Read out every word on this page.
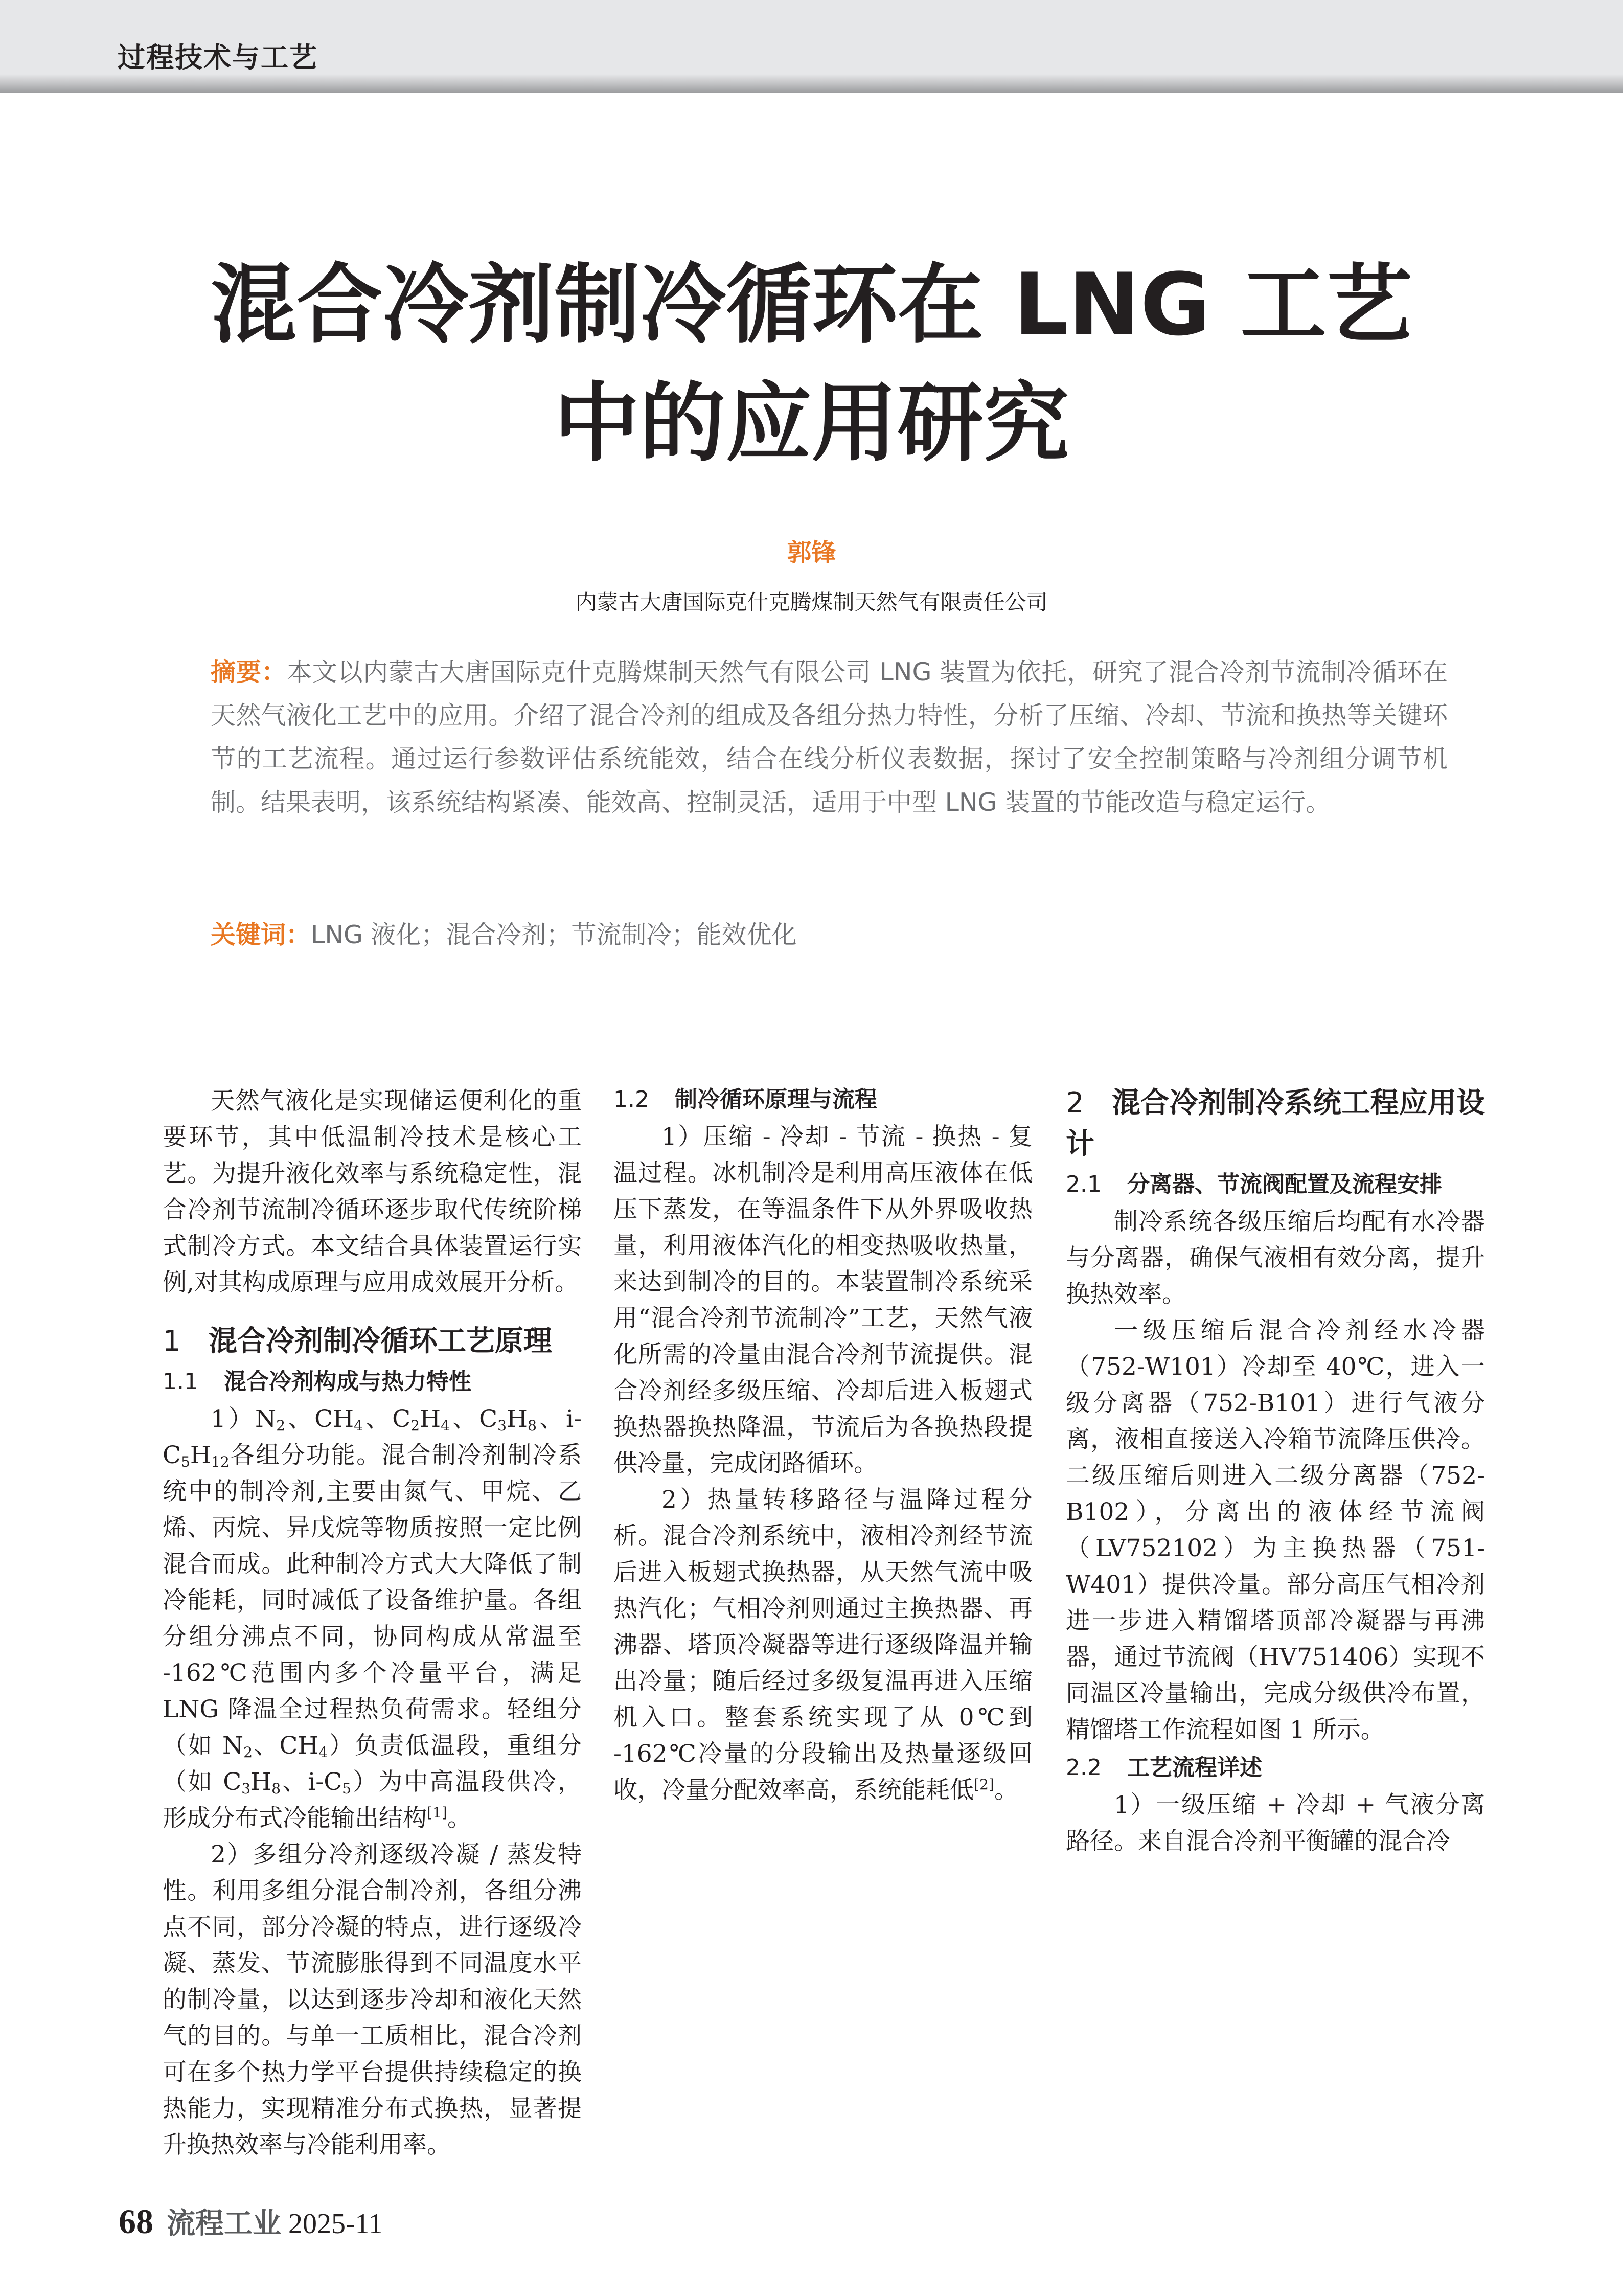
过程技术与工艺
混合冷剂制冷循环在 LNG 工艺
中的应用研究
郭锋
内蒙古大唐国际克什克腾煤制天然气有限责任公司
摘要：本文以内蒙古大唐国际克什克腾煤制天然气有限公司 LNG 装置为依托，研究了混合冷剂节流制冷循环在天然气液化工艺中的应用。介绍了混合冷剂的组成及各组分热力特性，分析了压缩、冷却、节流和换热等关键环节的工艺流程。通过运行参数评估系统能效，结合在线分析仪表数据，探讨了安全控制策略与冷剂组分调节机制。结果表明，该系统结构紧凑、能效高、控制灵活，适用于中型 LNG 装置的节能改造与稳定运行。
关键词：LNG 液化；混合冷剂；节流制冷；能效优化

天然气液化是实现储运便利化的重要环节，其中低温制冷技术是核心工艺。为提升液化效率与系统稳定性，混合冷剂节流制冷循环逐步取代传统阶梯式制冷方式。本文结合具体装置运行实例,对其构成原理与应用成效展开分析。

1 混合冷剂制冷循环工艺原理
1.1 混合冷剂构成与热力特性

$1)N_2$、$CH_4$、$C_2H_4$、$C_3H_8$、$i-C_5H_{12}$各组分功能。混合制冷剂制冷系统中的制冷剂,主要由氮气、甲烷、乙烯、丙烷、异戊烷等物质按照一定比例混合而成。此种制冷方式大大降低了制冷能耗，同时减低了设备维护量。各组分组分沸点不同，协同构成从常温至 -162℃范围内多个冷量平台，满足 LNG 降温全过程热负荷需求。轻组分（如 $N_2$、$CH_4$）负责低温段，重组分（如 $C_3H_8$、$i-C_5$）为中高温段供冷，形成分布式冷能输出结构[1]。

2）多组分冷剂逐级冷凝 / 蒸发特性。利用多组分混合制冷剂，各组分沸点不同，部分冷凝的特点，进行逐级冷凝、蒸发、节流膨胀得到不同温度水平的制冷量，以达到逐步冷却和液化天然气的目的。与单一工质相比，混合冷剂可在多个热力学平台提供持续稳定的换热能力，实现精准分布式换热，显著提升换热效率与冷能利用率。

1.2 制冷循环原理与流程

1）压缩 - 冷却 - 节流 - 换热 - 复温过程。冰机制冷是利用高压液体在低压下蒸发，在等温条件下从外界吸收热量，利用液体汽化的相变热吸收热量，来达到制冷的目的。本装置制冷系统采用“混合冷剂节流制冷”工艺，天然气液化所需的冷量由混合冷剂节流提供。混合冷剂经多级压缩、冷却后进入板翅式换热器换热降温，节流后为各换热段提供冷量，完成闭路循环。

2）热量转移路径与温降过程分析。混合冷剂系统中，液相冷剂经节流后进入板翅式换热器，从天然气流中吸热汽化；气相冷剂则通过主换热器、再沸器、塔顶冷凝器等进行逐级降温并输出冷量；随后经过多级复温再进入压缩机入口。整套系统实现了从 0℃到 -162℃冷量的分段输出及热量逐级回收，冷量分配效率高，系统能耗低[2]。

2 混合冷剂制冷系统工程应用设计
2.1 分离器、节流阀配置及流程安排

制冷系统各级压缩后均配有水冷器与分离器，确保气液相有效分离，提升换热效率。

一级压缩后混合冷剂经水冷器（752-W101）冷却至 40℃，进入一级分离器（752-B101）进行气液分离，液相直接送入冷箱节流降压供冷。二级压缩后则进入二级分离器（752-B102），分离出的液体经节流阀（LV752102）为主换热器（751-W401）提供冷量。部分高压气相冷剂进一步进入精馏塔顶部冷凝器与再沸器，通过节流阀（HV751406）实现不同温区冷量输出，完成分级供冷布置，精馏塔工作流程如图 1 所示。

2.2 工艺流程详述

1）一级压缩 + 冷却 + 气液分离路径。来自混合冷剂平衡罐的混合冷

68 流程工业 2025-11
